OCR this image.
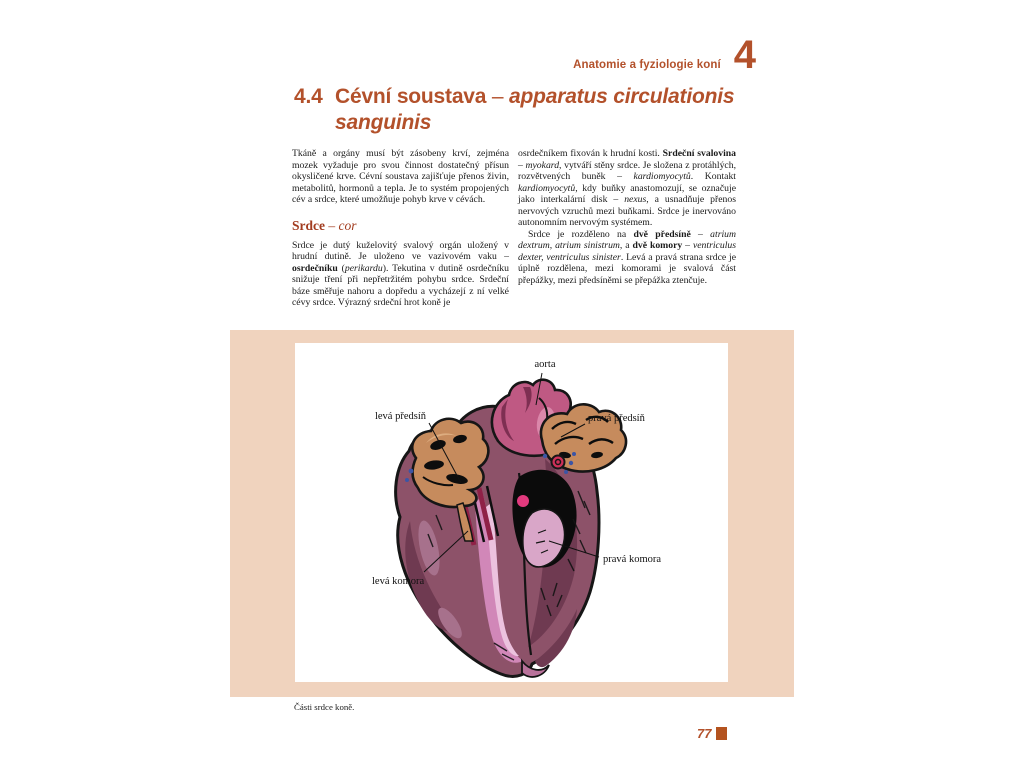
Anatomie a fyziologie koní 4
4.4 Cévní soustava – apparatus circulationis
sanguinis

Tkáně a orgány musí být zásobeny krví, zejména mozek vyžaduje pro svou činnost dostatečný přísun okysličené krve. Cévní soustava zajišťuje přenos živin, metabolitů, hormonů a tepla. Je to systém propojených cév a srdce, které umožňuje pohyb krve v cévách.

Srdce – cor

Srdce je dutý kuželovitý svalový orgán uložený v hrudní dutině. Je uloženo ve vazivovém vaku – osrdečníku (perikardu). Tekutina v dutině osrdečníku snižuje tření při nepřetržitém pohybu srdce. Srdeční báze směřuje nahoru a dopředu a vycházejí z ní velké cévy srdce. Výrazný srdeční hrot koně je

osrdečníkem fixován k hrudní kosti. Srdeční svalovina – myokard, vytváří stěny srdce. Je složena z protáhlých, rozvětvených buněk – kardiomyocytů. Kontakt kardiomyocytů, kdy buňky anastomozují, se označuje jako interkalární disk – nexus, a usnadňuje přenos nervových vzruchů mezi buňkami. Srdce je inervováno autonomním nervovým systémem.

Srdce je rozděleno na dvě předsíně – atrium dextrum, atrium sinistrum, a dvě komory – ventriculus dexter, ventriculus sinister. Levá a pravá strana srdce je úplně rozdělena, mezi komorami je svalová část přepážky, mezi předsíněmi se přepážka ztenčuje.

aorta
levá předsíň	pravá předsíň
pravá komora
levá komora
Části srdce koně.
77
